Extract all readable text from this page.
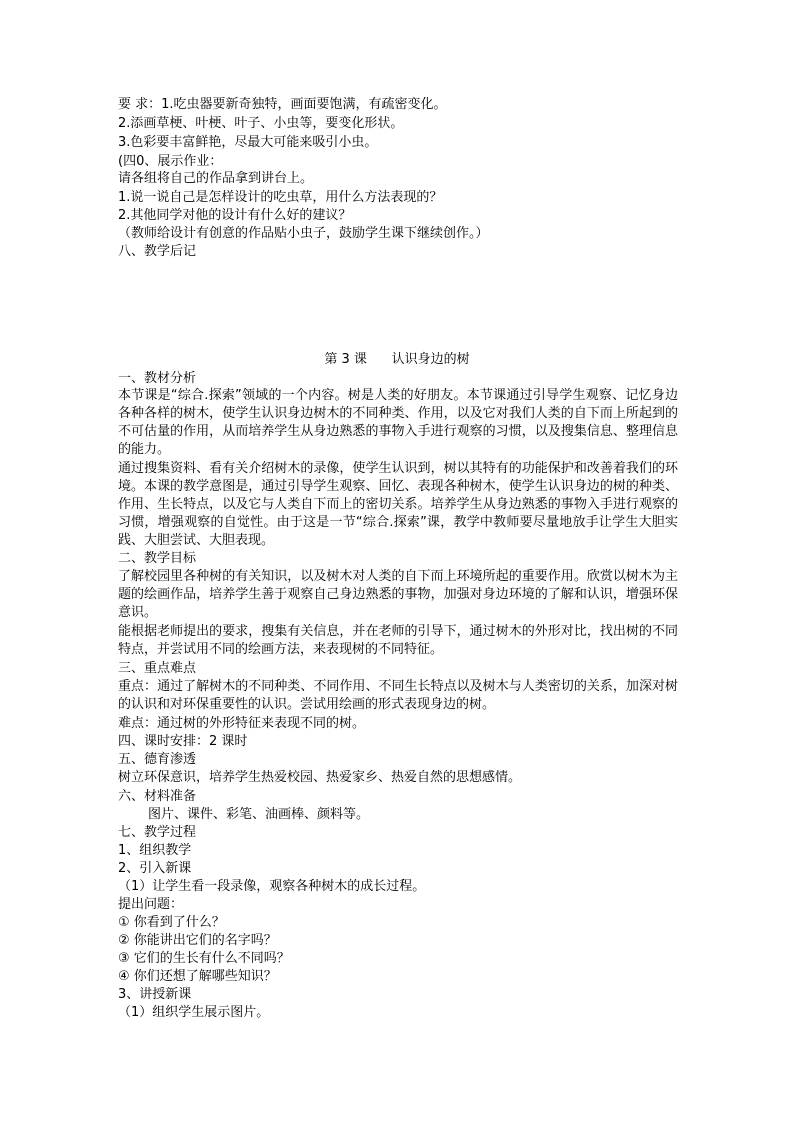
要 求：1.吃虫器要新奇独特，画面要饱满，有疏密变化。
2.添画草梗、叶梗、叶子、小虫等，要变化形状。
3.色彩要丰富鲜艳，尽最大可能来吸引小虫。
(四0、展示作业：
请各组将自己的作品拿到讲台上。
1.说一说自己是怎样设计的吃虫草，用什么方法表现的？
2.其他同学对他的设计有什么好的建议？
（教师给设计有创意的作品贴小虫子，鼓励学生课下继续创作。）
八、教学后记
第 3 课      认识身边的树
一、教材分析
本节课是“综合.探索”领域的一个内容。树是人类的好朋友。本节课通过引导学生观察、记忆身边各种各样的树木，使学生认识身边树木的不同种类、作用，以及它对我们人类的自下而上所起到的不可估量的作用，从而培养学生从身边熟悉的事物入手进行观察的习惯，以及搜集信息、整理信息的能力。
通过搜集资料、看有关介绍树木的录像，使学生认识到，树以其特有的功能保护和改善着我们的环境。本课的教学意图是，通过引导学生观察、回忆、表现各种树木，使学生认识身边的树的种类、作用、生长特点，以及它与人类自下而上的密切关系。培养学生从身边熟悉的事物入手进行观察的习惯，增强观察的自觉性。由于这是一节“综合.探索”课，教学中教师要尽量地放手让学生大胆实践、大胆尝试、大胆表现。
二、教学目标
了解校园里各种树的有关知识，以及树木对人类的自下而上环境所起的重要作用。欣赏以树木为主题的绘画作品，培养学生善于观察自己身边熟悉的事物，加强对身边环境的了解和认识，增强环保意识。
能根据老师提出的要求，搜集有关信息，并在老师的引导下，通过树木的外形对比，找出树的不同特点，并尝试用不同的绘画方法，来表现树的不同特征。
三、重点难点
重点：通过了解树木的不同种类、不同作用、不同生长特点以及树木与人类密切的关系，加深对树的认识和对环保重要性的认识。尝试用绘画的形式表现身边的树。
难点：通过树的外形特征来表现不同的树。
四、课时安排：2 课时
五、德育渗透
树立环保意识，培养学生热爱校园、热爱家乡、热爱自然的思想感情。
六、材料准备
图片、课件、彩笔、油画棒、颜料等。
七、教学过程
1、组织教学
2、引入新课
（1）让学生看一段录像，观察各种树木的成长过程。
提出问题：
① 你看到了什么？
② 你能讲出它们的名字吗？
③ 它们的生长有什么不同吗？
④ 你们还想了解哪些知识？
3、讲授新课
（1）组织学生展示图片。
